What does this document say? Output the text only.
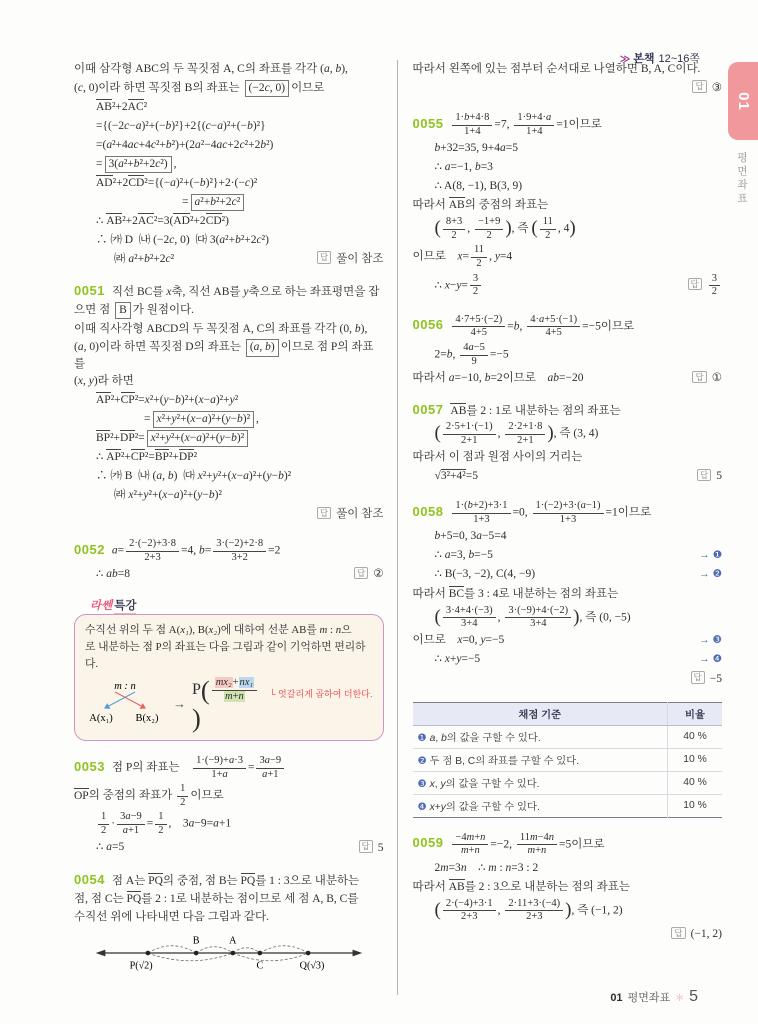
≫ 본책 12~16쪽
01
평면좌표
이때 삼각형 ABC의 두 꼭짓점 A, C의 좌표를 각각 (a, b),
(c, 0)이라 하면 꼭짓점 B의 좌표는 (−2c, 0) 이므로
AB²+2AC²
={(−2c−a)²+(−b)²}+2{(c−a)²+(−b)²}
=(a²+4ac+4c²+b²)+(2a²−4ac+2c²+2b²)
= 3(a²+b²+2c²) ,
AD²+2CD²={(−a)²+(−b)²}+2·(−c)²
= a²+b²+2c²
∴ AB²+2AC²=3(AD²+2CD²)
∴ ㈎ D ㈏ (−2c, 0) ㈐ 3(a²+b²+2c²)
㈑ a²+b²+2c²	답 풀이 참조
0051 직선 BC를 x축, 직선 AB를 y축으로 하는 좌표평면을 잡
으면 점 B 가 원점이다.
이때 직사각형 ABCD의 두 꼭짓점 A, C의 좌표를 각각 (0, b),
(a, 0)이라 하면 꼭짓점 D의 좌표는 (a, b) 이므로 점 P의 좌표를
(x, y)라 하면
AP²+CP²=x²+(y−b)²+(x−a)²+y²
= x²+y²+(x−a)²+(y−b)² ,
BP²+DP²= x²+y²+(x−a)²+(y−b)²
∴ AP²+CP²=BP²+DP²
∴ ㈎ B ㈏ (a, b) ㈐ x²+y²+(x−a)²+(y−b)²
㈑ x²+y²+(x−a)²+(y−b)²
답 풀이 참조
0052 $a= \frac{2\cdot(-2)+3\cdot 8}{2+3} =4$, $b= \frac{3\cdot(-2)+2\cdot 8}{3+2} =2$
∴ ab=8	답 ②
라쎈 특강
수직선 위의 두 점 A(x₁), B(x₂)에 대하여 선분 AB를 m : n으
로 내분하는 점 P의 좌표는 다음 그림과 같이 기억하면 편리하다.
m : n
A(x₁) B(x₂)
→
$P( \frac{\text{mx₂+nx₁}}{m+n}$
)
└ 엇갈리게 곱하여 더한다.
0053 점 P의 좌표는  $\frac{1\cdot(-9)+a\cdot 3}{1+a} = \frac{3a-9}{a+1}$
OP의 중점의 좌표가 $\frac{1}{2}$ 이므로
$\frac{1}{2} \cdot \frac{3a-9}{a+1} = \frac{1}{2}$ , 3a−9=a+1
∴ a=5	답 5
0054 점 A는 PQ의 중점, 점 B는 PQ를 1 : 3으로 내분하는
점, 점 C는 PQ를 2 : 1로 내분하는 점이므로 세 점 A, B, C를
수직선 위에 나타내면 다음 그림과 같다.
B	A
P(√2)	C	Q(√3)
따라서 왼쪽에 있는 점부터 순서대로 나열하면 B, A, C이다.
답 ③
$0055 \frac{1\cdot b+4\cdot 8}{1+4} =7$, $\frac{1\cdot 9+4\cdot a}{1+4} =1$이므로
b+32=35, 9+4a=5
∴ a=−1, b=3
∴ A(8, −1), B(3, 9)
따라서 AB의 중점의 좌표는
( $\frac{8+3}{2}$ , $\frac{-1+9}{2}$ ), 즉 ( $\frac{11}{2}$ , 4)
이므로 $x= \frac{11}{2}$ , y=4
∴ $x-y= \frac{3}{2}$	답 $\frac{3}{2}$
$0056 \frac{4\cdot 7+5\cdot(-2)}{4+5} =b$, $\frac{4\cdot a+5\cdot(-1)}{4+5} =-5$이므로
2=b, $\frac{4a-5}{9} =-5$
따라서 a=−10, b=2이므로 ab=−20	답 ①
0057 AB를 2 : 1로 내분하는 점의 좌표는
( $\frac{2\cdot 5+1\cdot(-1)}{2+1}$ , $\frac{2\cdot 2+1\cdot 8}{2+1}$ ), 즉 (3, 4)
따라서 이 점과 원점 사이의 거리는
√3²+4²=5	답 5
$0058 \frac{1\cdot(b+2)+3\cdot 1}{1+3} =0$, $\frac{1\cdot(-2)+3\cdot(a-1)}{1+3} =1$이므로
b+5=0, 3a−5=4
∴ a=3, b=−5	→ ❶
∴ B(−3, −2), C(4, −9)	→ ❷
따라서 BC를 3 : 4로 내분하는 점의 좌표는
( $\frac{3\cdot 4+4\cdot(-3)}{3+4}$ , $\frac{3\cdot(-9)+4\cdot(-2)}{3+4}$ ), 즉 (0, −5)
이므로 x=0, y=−5	→ ❸
∴ x+y=−5	→ ❹
답 −5
채점 기준	비율
❶ a, b의 값을 구할 수 있다.	40 %
❷ 두 점 B, C의 좌표를 구할 수 있다.	10 %
❸ x, y의 값을 구할 수 있다.	40 %
❹ x+y의 값을 구할 수 있다.	10 %
$0059 \frac{-4m+n}{m+n} =-2$, $\frac{11m-4n}{m+n} =5$이므로
2m=3n ∴ m : n=3 : 2
따라서 AB를 2 : 3으로 내분하는 점의 좌표는
( $\frac{2\cdot(-4)+3\cdot 1}{2+3}$ , $\frac{2\cdot 11+3\cdot(-4)}{2+3}$ ), 즉 (−1, 2)
답 (−1, 2)
01 평면좌표 ＊ 5
